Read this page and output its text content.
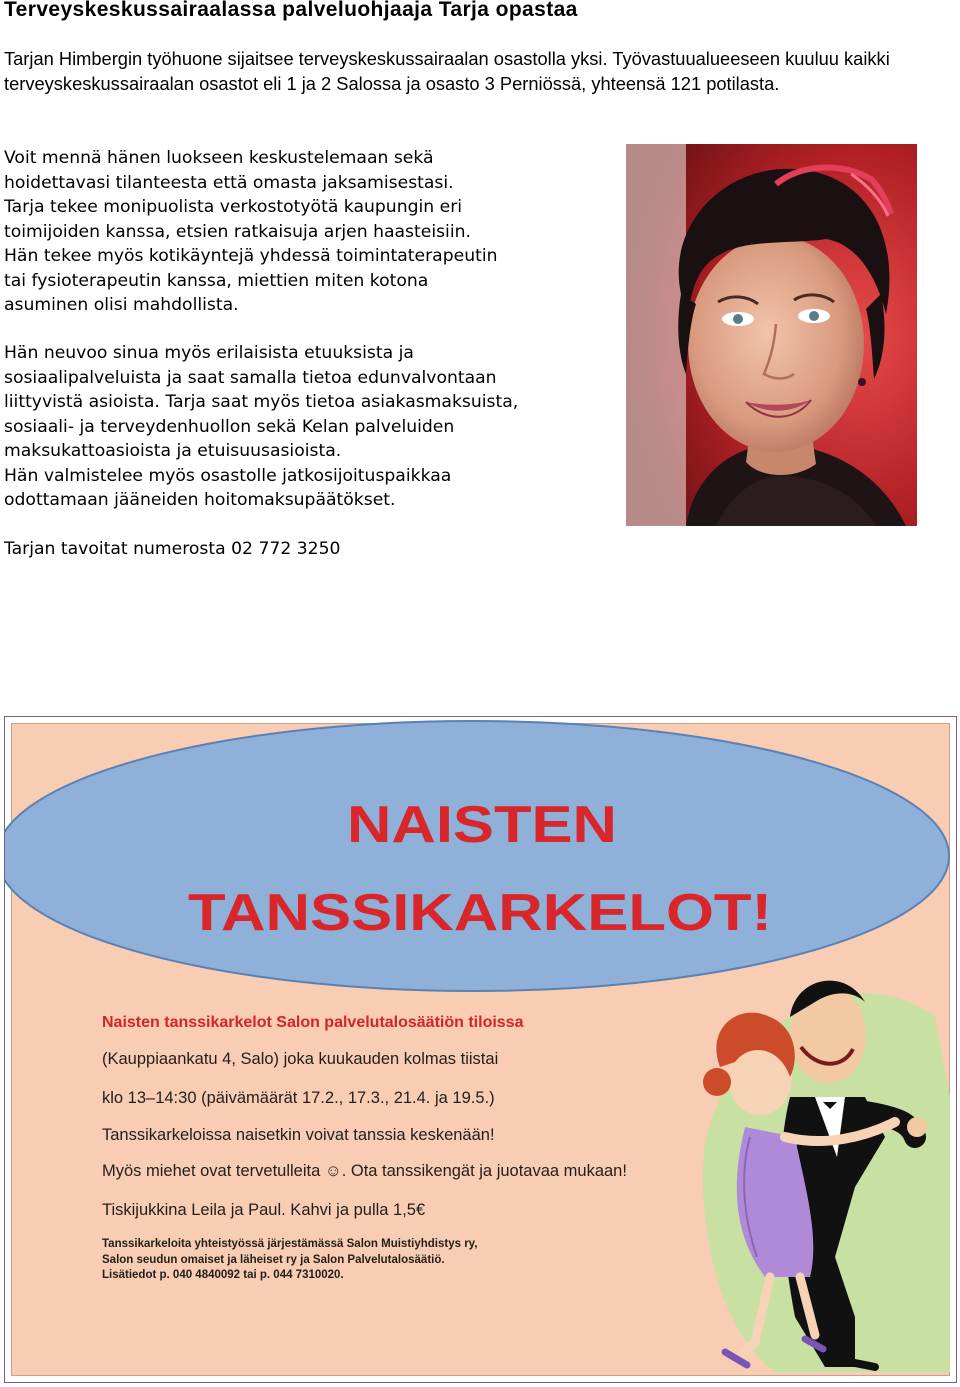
Terveyskeskussairaalassa palveluohjaaja Tarja opastaa

Tarjan Himbergin työhuone sijaitsee terveyskeskussairaalan osastolla yksi. Työvastuualueeseen kuuluu kaikki terveyskeskussairaalan osastot eli 1 ja 2 Salossa ja osasto 3 Perniössä, yhteensä 121 potilasta.

Voit mennä hänen luokseen keskustelemaan sekä

hoidettavasi tilanteesta että omasta jaksamisestasi.

Tarja tekee monipuolista verkostotyötä kaupungin eri

toimijoiden kanssa, etsien ratkaisuja arjen haasteisiin.

Hän tekee myös kotikäyntejä yhdessä toimintaterapeutin

tai fysioterapeutin kanssa, miettien miten kotona

asuminen olisi mahdollista.

Hän neuvoo sinua myös erilaisista etuuksista ja

sosiaalipalveluista ja saat samalla tietoa edunvalvontaan

liittyvistä asioista. Tarja saat myös tietoa asiakasmaksuista,

sosiaali- ja terveydenhuollon sekä Kelan palveluiden

maksukattoasioista ja etuisuusasioista.

Hän valmistelee myös osastolle jatkosijoituspaikkaa

odottamaan jääneiden hoitomaksupäätökset.

Tarjan tavoitat numerosta 02 772 3250

NAISTEN
TANSSIKARKELOT!
Naisten tanssikarkelot Salon palvelutalosäätiön tiloissa
(Kauppiaankatu 4, Salo) joka kuukauden kolmas tiistai
klo 13–14:30 (päivämäärät 17.2., 17.3., 21.4. ja 19.5.)
Tanssikarkeloissa naisetkin voivat tanssia keskenään!
Myös miehet ovat tervetulleita ☺. Ota tanssikengät ja juotavaa mukaan!
Tiskijukkina Leila ja Paul. Kahvi ja pulla 1,5€
Tanssikarkeloita yhteistyössä järjestämässä Salon Muistiyhdistys ry,
Salon seudun omaiset ja läheiset ry ja Salon Palvelutalosäätiö.
Lisätiedot p. 040 4840092 tai p. 044 7310020.
